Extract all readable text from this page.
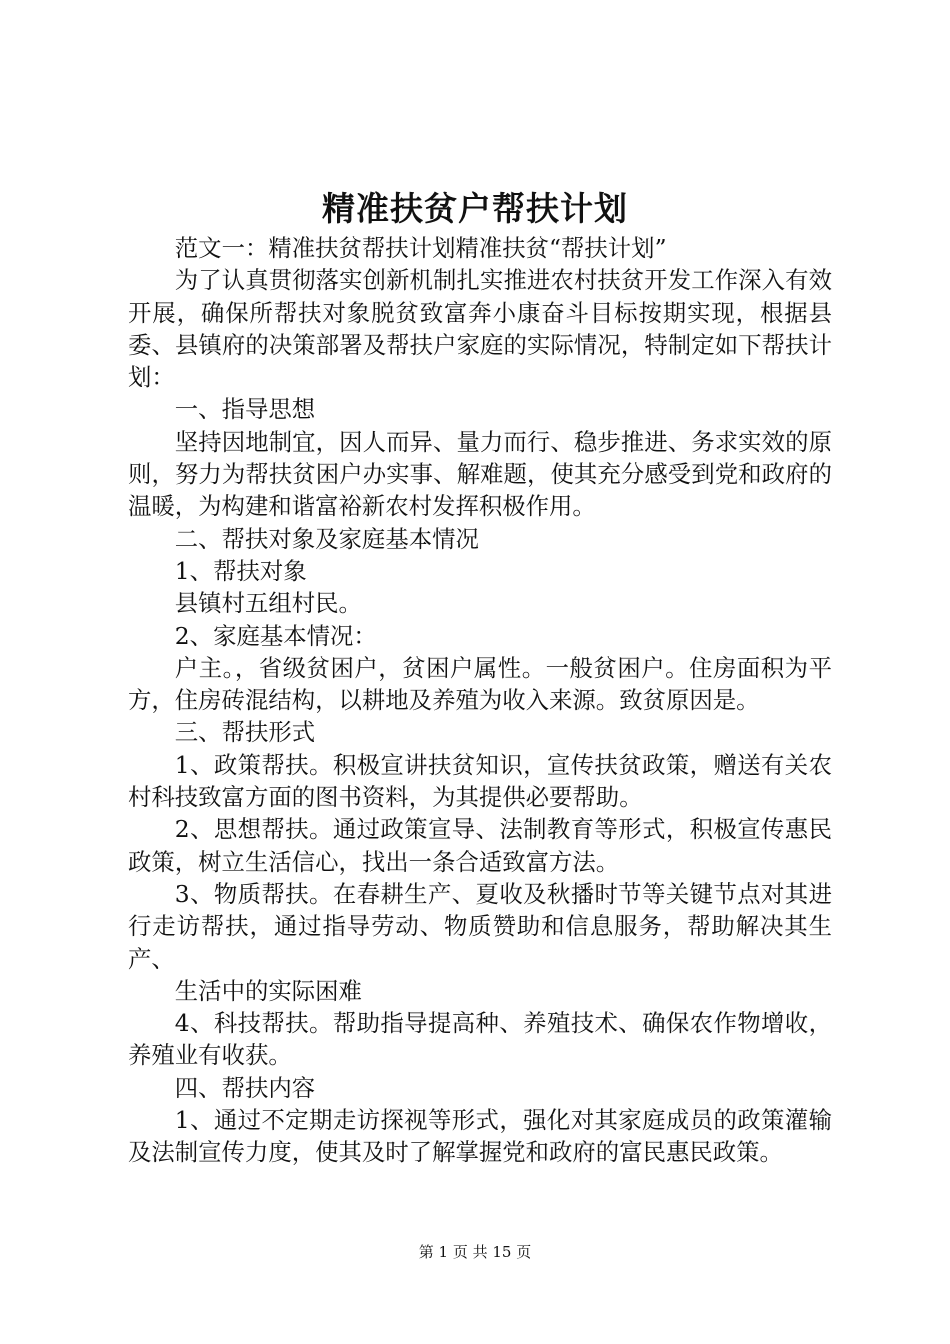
精准扶贫户帮扶计划

范文一：精准扶贫帮扶计划精准扶贫“帮扶计划”

为了认真贯彻落实创新机制扎实推进农村扶贫开发工作深入有效开展，确保所帮扶对象脱贫致富奔小康奋斗目标按期实现，根据县委、县镇府的决策部署及帮扶户家庭的实际情况，特制定如下帮扶计划：

一、指导思想

坚持因地制宜，因人而异、量力而行、稳步推进、务求实效的原则，努力为帮扶贫困户办实事、解难题，使其充分感受到党和政府的温暖，为构建和谐富裕新农村发挥积极作用。

二、帮扶对象及家庭基本情况

1、帮扶对象

县镇村五组村民。

2、家庭基本情况：

户主。，省级贫困户，贫困户属性。一般贫困户。住房面积为平方，住房砖混结构，以耕地及养殖为收入来源。致贫原因是。

三、帮扶形式

1、政策帮扶。积极宣讲扶贫知识，宣传扶贫政策，赠送有关农村科技致富方面的图书资料，为其提供必要帮助。

2、思想帮扶。通过政策宣导、法制教育等形式，积极宣传惠民政策，树立生活信心，找出一条合适致富方法。

3、物质帮扶。在春耕生产、夏收及秋播时节等关键节点对其进行走访帮扶，通过指导劳动、物质赞助和信息服务，帮助解决其生产、

生活中的实际困难

4、科技帮扶。帮助指导提高种、养殖技术、确保农作物增收，养殖业有收获。

四、帮扶内容

1、通过不定期走访探视等形式，强化对其家庭成员的政策灌输及法制宣传力度，使其及时了解掌握党和政府的富民惠民政策。

第 1 页 共 15 页
